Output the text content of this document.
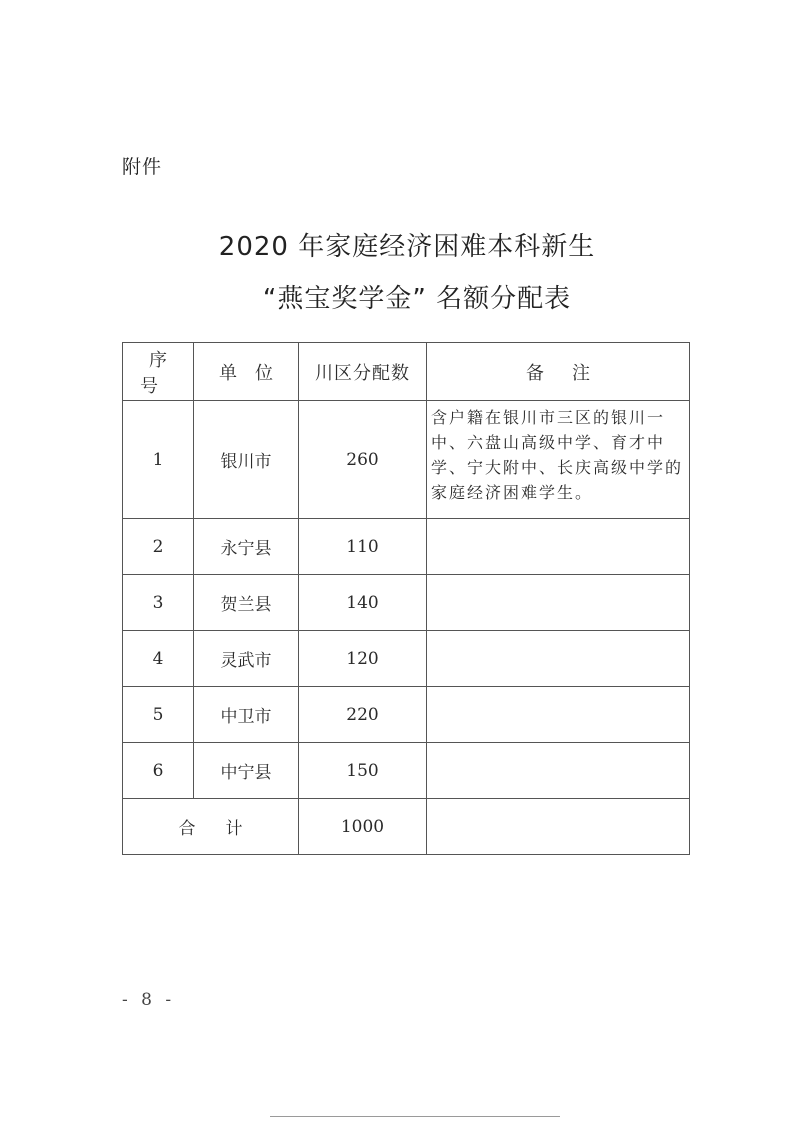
附件
2020 年家庭经济困难本科新生
“燕宝奖学金” 名额分配表
序号	单位	川区分配数	备注
1	银川市	260	含户籍在银川市三区的银川一中、六盘山高级中学、育才中学、宁大附中、长庆高级中学的家庭经济困难学生。
2	永宁县	110	
3	贺兰县	140	
4	灵武市	120	
5	中卫市	220	
6	中宁县	150	
合计		1000	
- 8 -
